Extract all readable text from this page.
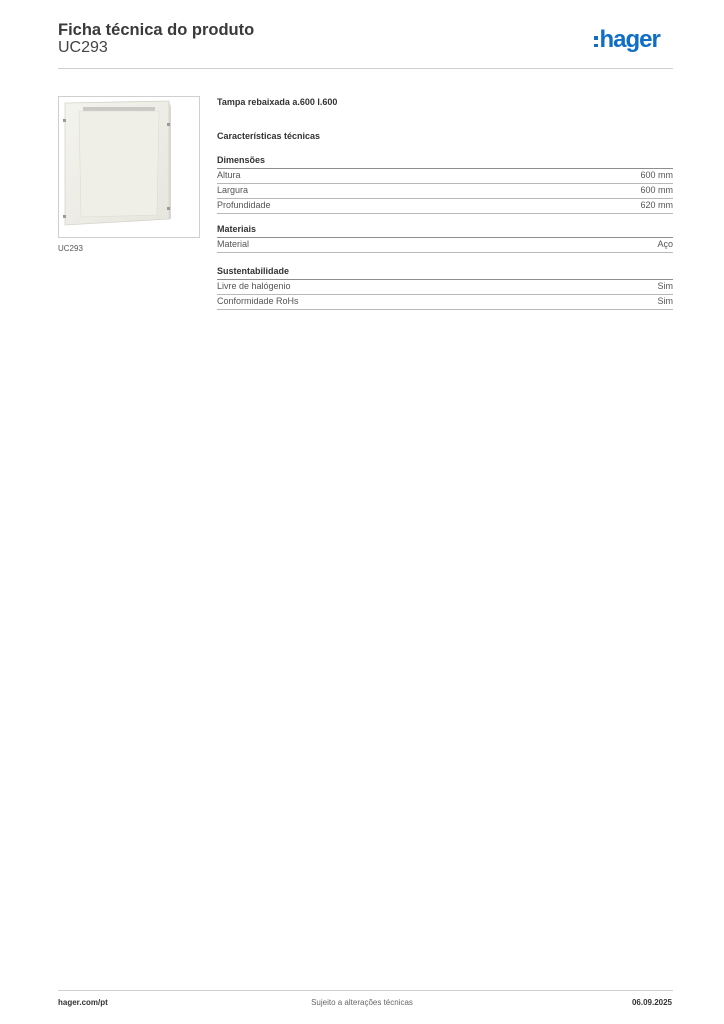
Ficha técnica do produto
UC293	hager
UC293
Tampa rebaixada a.600 l.600
Características técnicas
Dimensões
Altura	600 mm
Largura	600 mm
Profundidade	620 mm
Materiais
Material	Aço
Sustentabilidade
Livre de halógenio	Sim
Conformidade RoHs	Sim
hager.com/pt	Sujeito a alterações técnicas	06.09.2025
